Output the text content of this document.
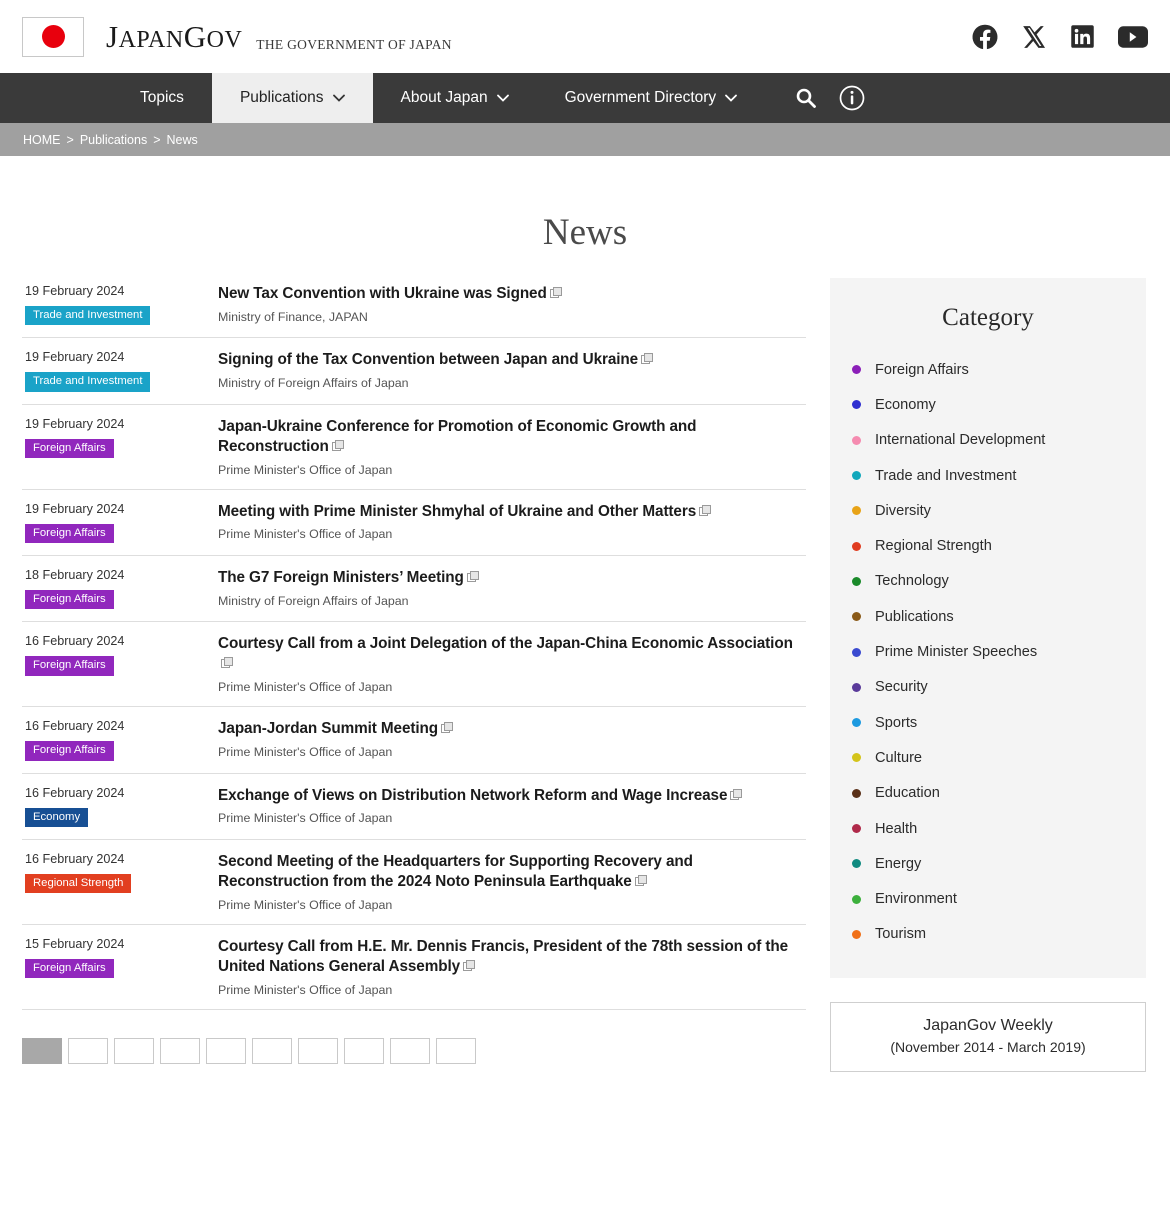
JAPANGOV THE GOVERNMENT OF JAPAN
Topics	Publications	About Japan	Government Directory
HOME > Publications > News
News
19 February 2024
Trade and Investment
New Tax Convention with Ukraine was Signed
Ministry of Finance, JAPAN
19 February 2024
Trade and Investment
Signing of the Tax Convention between Japan and Ukraine
Ministry of Foreign Affairs of Japan
19 February 2024
Foreign Affairs
Japan-Ukraine Conference for Promotion of Economic Growth and Reconstruction
Prime Minister's Office of Japan
19 February 2024
Foreign Affairs
Meeting with Prime Minister Shmyhal of Ukraine and Other Matters
Prime Minister's Office of Japan
18 February 2024
Foreign Affairs
The G7 Foreign Ministers’ Meeting
Ministry of Foreign Affairs of Japan
16 February 2024
Foreign Affairs
Courtesy Call from a Joint Delegation of the Japan-China Economic Association
Prime Minister's Office of Japan
16 February 2024
Foreign Affairs
Japan-Jordan Summit Meeting
Prime Minister's Office of Japan
16 February 2024
Economy
Exchange of Views on Distribution Network Reform and Wage Increase
Prime Minister's Office of Japan
16 February 2024
Regional Strength
Second Meeting of the Headquarters for Supporting Recovery and Reconstruction from the 2024 Noto Peninsula Earthquake
Prime Minister's Office of Japan
15 February 2024
Foreign Affairs
Courtesy Call from H.E. Mr. Dennis Francis, President of the 78th session of the United Nations General Assembly
Prime Minister's Office of Japan
Category
Foreign Affairs
Economy
International Development
Trade and Investment
Diversity
Regional Strength
Technology
Publications
Prime Minister Speeches
Security
Sports
Culture
Education
Health
Energy
Environment
Tourism
JapanGov Weekly
(November 2014 - March 2019)
